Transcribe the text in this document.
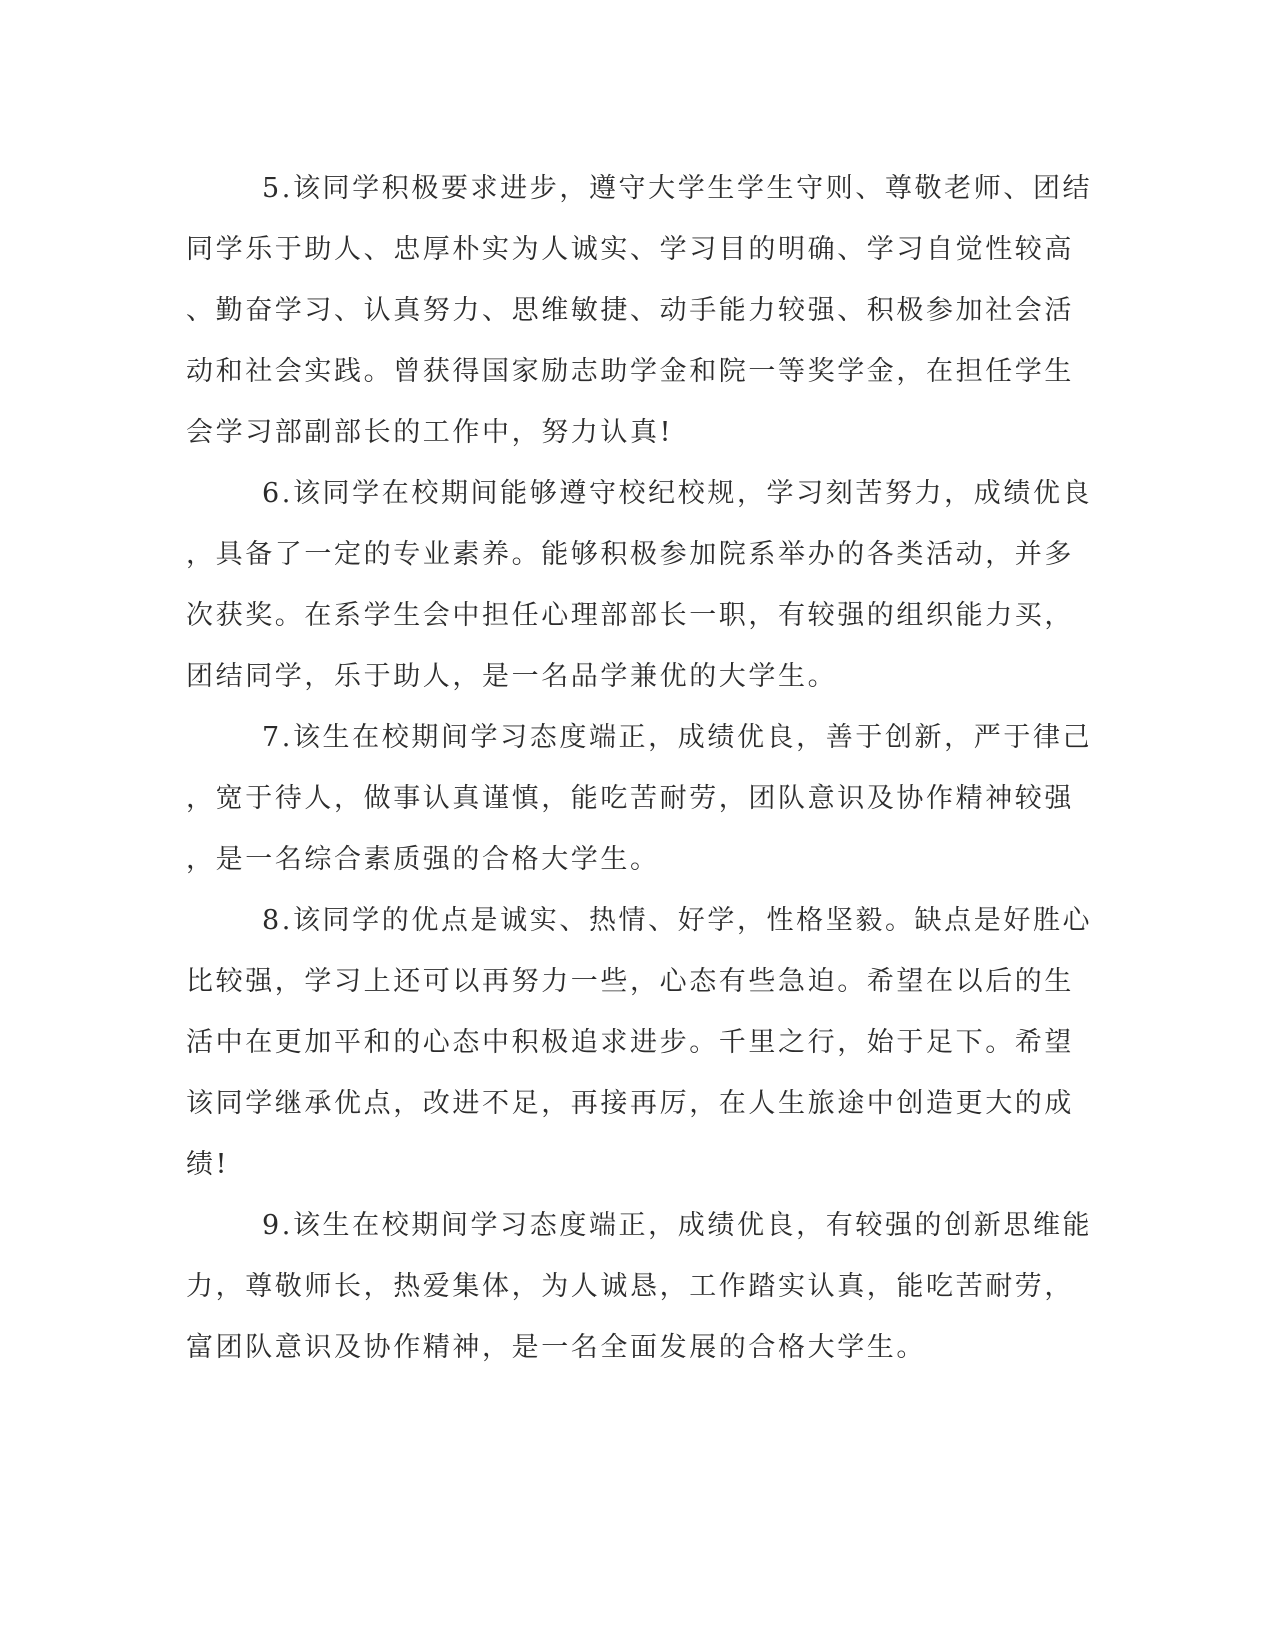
5.该同学积极要求进步，遵守大学生学生守则、尊敬老师、团结
同学乐于助人、忠厚朴实为人诚实、学习目的明确、学习自觉性较高
、勤奋学习、认真努力、思维敏捷、动手能力较强、积极参加社会活
动和社会实践。曾获得国家励志助学金和院一等奖学金，在担任学生
会学习部副部长的工作中，努力认真!
6.该同学在校期间能够遵守校纪校规，学习刻苦努力，成绩优良
，具备了一定的专业素养。能够积极参加院系举办的各类活动，并多
次获奖。在系学生会中担任心理部部长一职，有较强的组织能力买，
团结同学，乐于助人，是一名品学兼优的大学生。
7.该生在校期间学习态度端正，成绩优良，善于创新，严于律己
，宽于待人，做事认真谨慎，能吃苦耐劳，团队意识及协作精神较强
，是一名综合素质强的合格大学生。
8.该同学的优点是诚实、热情、好学，性格坚毅。缺点是好胜心
比较强，学习上还可以再努力一些，心态有些急迫。希望在以后的生
活中在更加平和的心态中积极追求进步。千里之行，始于足下。希望
该同学继承优点，改进不足，再接再厉，在人生旅途中创造更大的成
绩!
9.该生在校期间学习态度端正，成绩优良，有较强的创新思维能
力，尊敬师长，热爱集体，为人诚恳，工作踏实认真，能吃苦耐劳，
富团队意识及协作精神，是一名全面发展的合格大学生。
